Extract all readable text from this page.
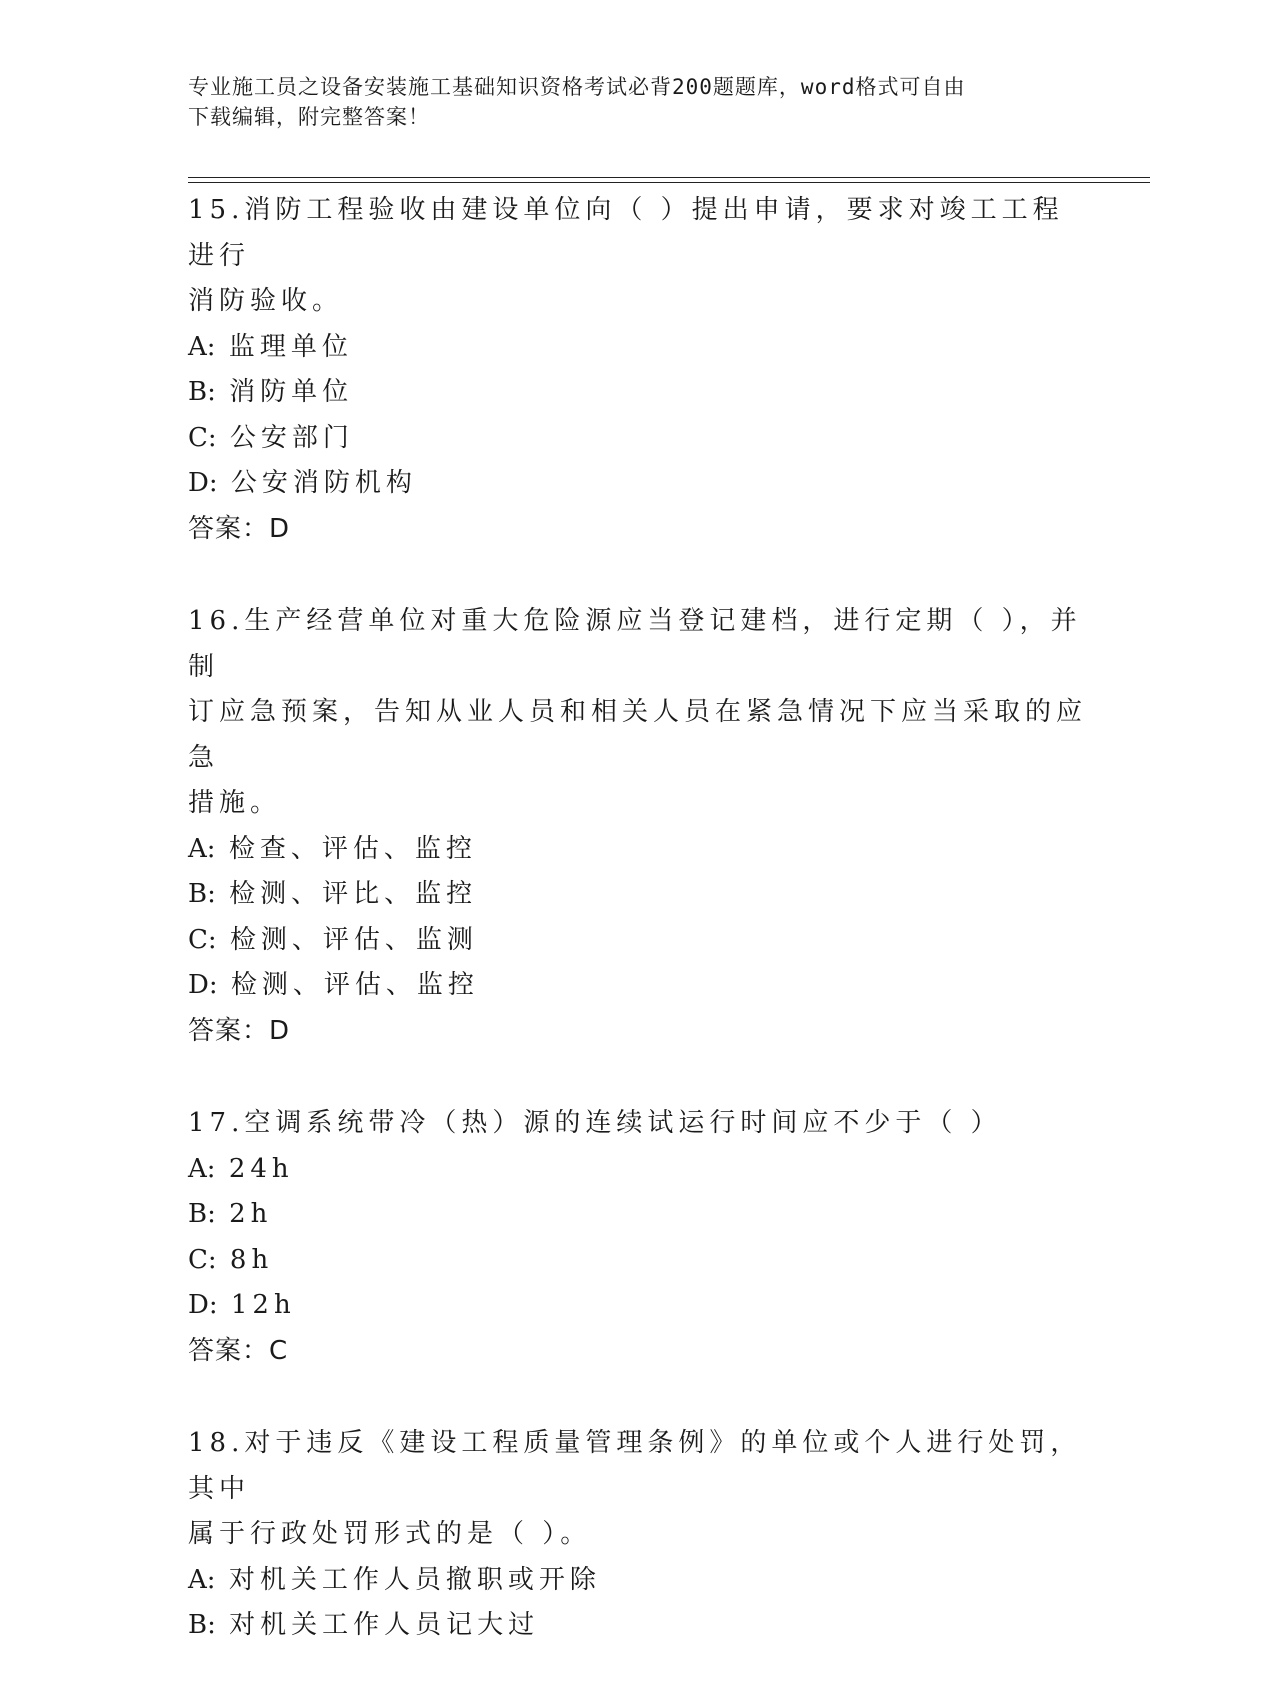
专业施工员之设备安装施工基础知识资格考试必背200题题库，word格式可自由
下载编辑，附完整答案！
15.消防工程验收由建设单位向（ ）提出申请，要求对竣工工程进行
消防验收。
A: 监理单位
B: 消防单位
C: 公安部门
D: 公安消防机构
答案：D
16.生产经营单位对重大危险源应当登记建档，进行定期（ ），并制
订应急预案，告知从业人员和相关人员在紧急情况下应当采取的应急
措施。
A: 检查、评估、监控
B: 检测、评比、监控
C: 检测、评估、监测
D: 检测、评估、监控
答案：D
17.空调系统带冷（热）源的连续试运行时间应不少于（ ）
A: 24h
B: 2h
C: 8h
D: 12h
答案：C
18.对于违反《建设工程质量管理条例》的单位或个人进行处罚，其中
属于行政处罚形式的是（ ）。
A: 对机关工作人员撤职或开除
B: 对机关工作人员记大过
